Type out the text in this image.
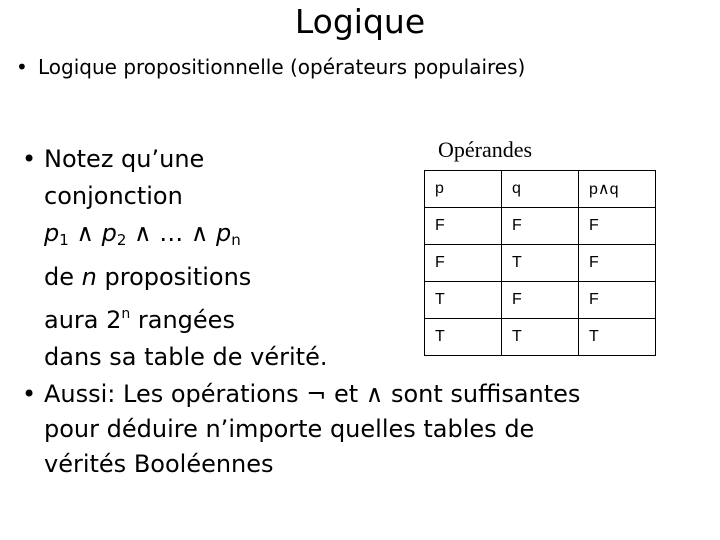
Logique
• Logique propositionnelle (opérateurs populaires)
• Notez qu’une
conjonction
$p_1$ ∧ $p_2$ ∧ … ∧ $p_n$
de n propositions
aura 2$^n$ rangées
dans sa table de vérité.
Opérandes
p	q	p∧q
F	F	F
F	T	F
T	F	F
T	T	T
• Aussi: Les opérations ¬ et ∧ sont suffisantes
pour déduire n’importe quelles tables de
vérités Booléennes
